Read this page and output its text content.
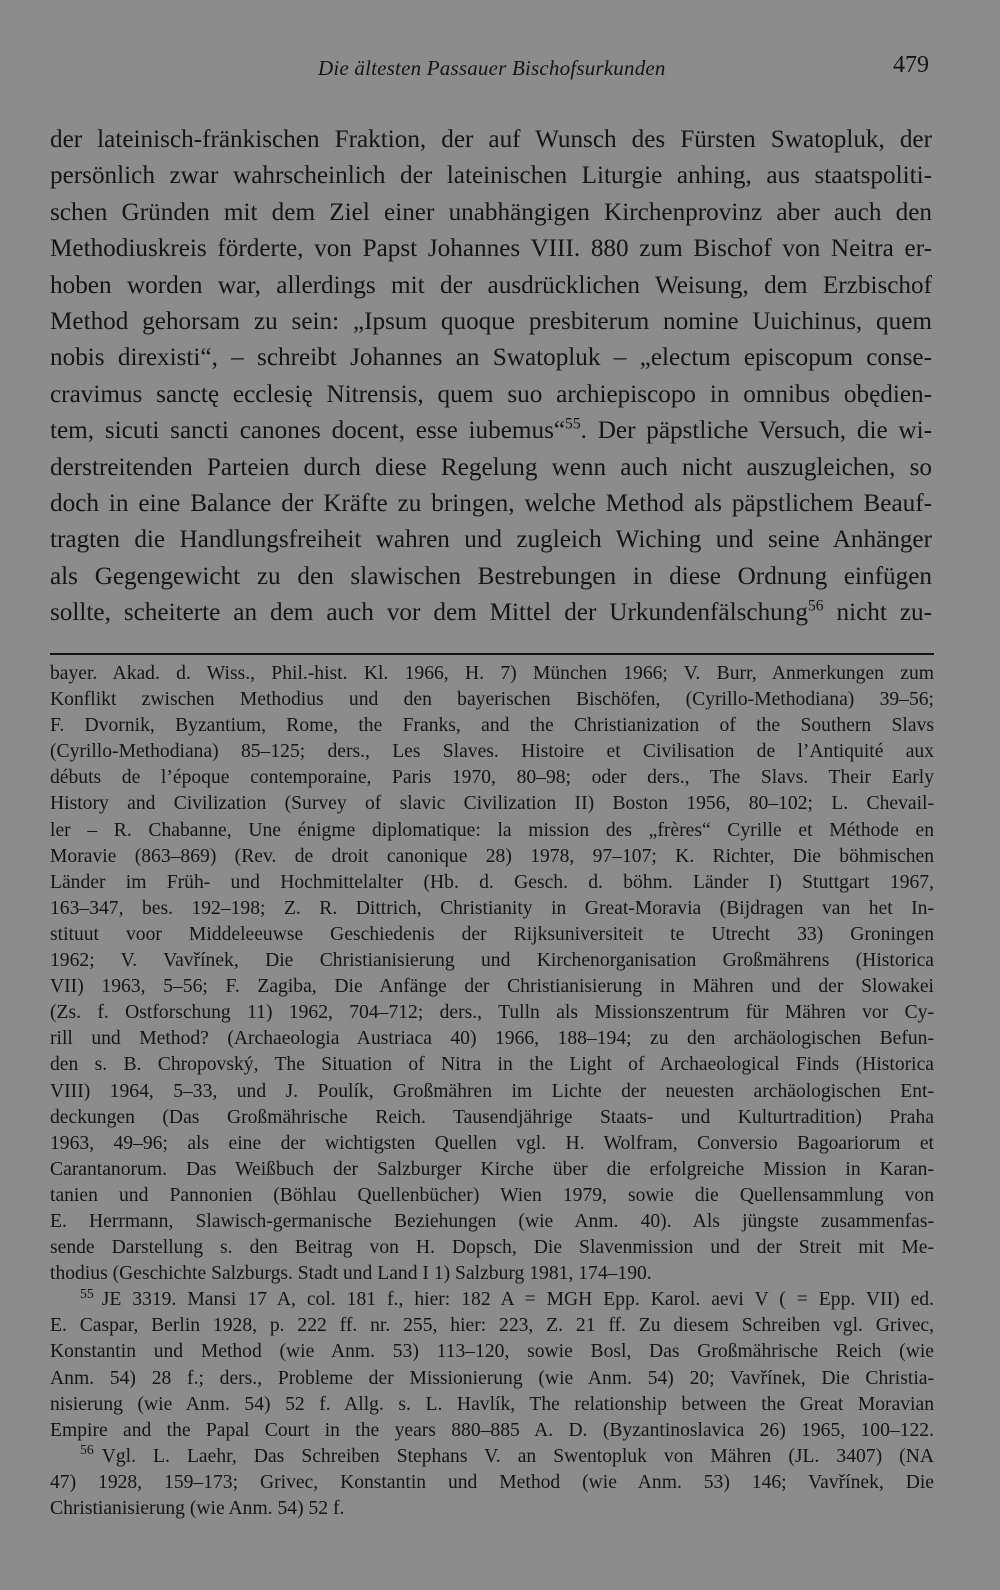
Die ältesten Passauer Bischofsurkunden	479
der lateinisch-fränkischen Fraktion, der auf Wunsch des Fürsten Swatopluk, der
persönlich zwar wahrscheinlich der lateinischen Liturgie anhing, aus staatspoliti-
schen Gründen mit dem Ziel einer unabhängigen Kirchenprovinz aber auch den
Methodiuskreis förderte, von Papst Johannes VIII. 880 zum Bischof von Neitra er-
hoben worden war, allerdings mit der ausdrücklichen Weisung, dem Erzbischof
Method gehorsam zu sein: „Ipsum quoque presbiterum nomine Uuichinus, quem
nobis direxisti“, – schreibt Johannes an Swatopluk – „electum episcopum conse-
cravimus sanctę ecclesię Nitrensis, quem suo archiepiscopo in omnibus obędien-
tem, sicuti sancti canones docent, esse iubemus“$^{55}$. Der päpstliche Versuch, die wi-
derstreitenden Parteien durch diese Regelung wenn auch nicht auszugleichen, so
doch in eine Balance der Kräfte zu bringen, welche Method als päpstlichem Beauf-
tragten die Handlungsfreiheit wahren und zugleich Wiching und seine Anhänger
als Gegengewicht zu den slawischen Bestrebungen in diese Ordnung einfügen
sollte, scheiterte an dem auch vor dem Mittel der Urkundenfälschung$^{56}$ nicht zu-
bayer. Akad. d. Wiss., Phil.-hist. Kl. 1966, H. 7) München 1966; V. Burr, Anmerkungen zum
Konflikt zwischen Methodius und den bayerischen Bischöfen, (Cyrillo-Methodiana) 39–56;
F. Dvornik, Byzantium, Rome, the Franks, and the Christianization of the Southern Slavs
(Cyrillo-Methodiana) 85–125; ders., Les Slaves. Histoire et Civilisation de l’Antiquité aux
débuts de l’époque contemporaine, Paris 1970, 80–98; oder ders., The Slavs. Their Early
History and Civilization (Survey of slavic Civilization II) Boston 1956, 80–102; L. Chevail-
ler – R. Chabanne, Une énigme diplomatique: la mission des „frères“ Cyrille et Méthode en
Moravie (863–869) (Rev. de droit canonique 28) 1978, 97–107; K. Richter, Die böhmischen
Länder im Früh- und Hochmittelalter (Hb. d. Gesch. d. böhm. Länder I) Stuttgart 1967,
163–347, bes. 192–198; Z. R. Dittrich, Christianity in Great-Moravia (Bijdragen van het In-
stituut voor Middeleeuwse Geschiedenis der Rijksuniversiteit te Utrecht 33) Groningen
1962; V. Vavřínek, Die Christianisierung und Kirchenorganisation Großmährens (Historica
VII) 1963, 5–56; F. Zagiba, Die Anfänge der Christianisierung in Mähren und der Slowakei
(Zs. f. Ostforschung 11) 1962, 704–712; ders., Tulln als Missionszentrum für Mähren vor Cy-
rill und Method? (Archaeologia Austriaca 40) 1966, 188–194; zu den archäologischen Befun-
den s. B. Chropovský, The Situation of Nitra in the Light of Archaeological Finds (Historica
VIII) 1964, 5–33, und J. Poulík, Großmähren im Lichte der neuesten archäologischen Ent-
deckungen (Das Großmährische Reich. Tausendjährige Staats- und Kulturtradition) Praha
1963, 49–96; als eine der wichtigsten Quellen vgl. H. Wolfram, Conversio Bagoariorum et
Carantanorum. Das Weißbuch der Salzburger Kirche über die erfolgreiche Mission in Karan-
tanien und Pannonien (Böhlau Quellenbücher) Wien 1979, sowie die Quellensammlung von
E. Herrmann, Slawisch-germanische Beziehungen (wie Anm. 40). Als jüngste zusammenfas-
sende Darstellung s. den Beitrag von H. Dopsch, Die Slavenmission und der Streit mit Me-
thodius (Geschichte Salzburgs. Stadt und Land I 1) Salzburg 1981, 174–190.
$^{55}$ JE 3319. Mansi 17 A, col. 181 f., hier: 182 A = MGH Epp. Karol. aevi V ( = Epp. VII) ed.
E. Caspar, Berlin 1928, p. 222 ff. nr. 255, hier: 223, Z. 21 ff. Zu diesem Schreiben vgl. Grivec,
Konstantin und Method (wie Anm. 53) 113–120, sowie Bosl, Das Großmährische Reich (wie
Anm. 54) 28 f.; ders., Probleme der Missionierung (wie Anm. 54) 20; Vavřínek, Die Christia-
nisierung (wie Anm. 54) 52 f. Allg. s. L. Havlík, The relationship between the Great Moravian
Empire and the Papal Court in the years 880–885 A. D. (Byzantinoslavica 26) 1965, 100–122.
$^{56}$ Vgl. L. Laehr, Das Schreiben Stephans V. an Swentopluk von Mähren (JL. 3407) (NA
47) 1928, 159–173; Grivec, Konstantin und Method (wie Anm. 53) 146; Vavřínek, Die
Christianisierung (wie Anm. 54) 52 f.
